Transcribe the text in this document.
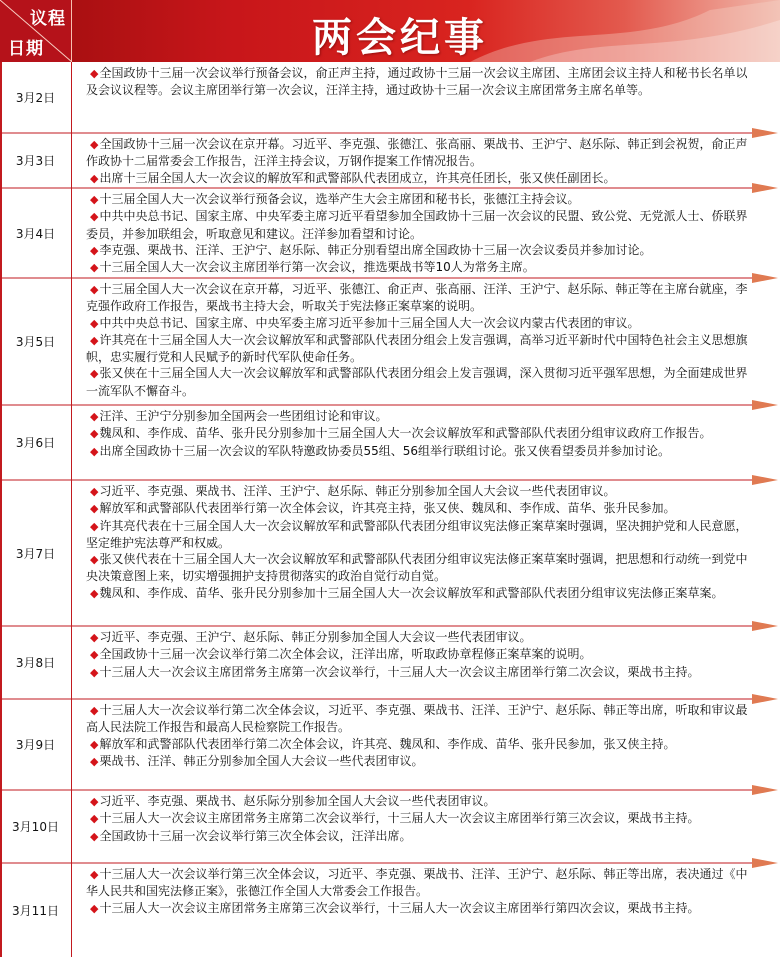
议程
日期	两会纪事
3月2日
◆ 全国政协十三届一次会议举行预备会议，俞正声主持，通过政协十三届一次会议主席团、主席团会议主持人和秘书长名单以及会议议程等。会议主席团举行第一次会议，汪洋主持，通过政协十三届一次会议主席团常务主席名单等。
3月3日
◆ 全国政协十三届一次会议在京开幕。习近平、李克强、张德江、张高丽、栗战书、王沪宁、赵乐际、韩正到会祝贺，俞正声作政协十二届常委会工作报告，汪洋主持会议，万钢作提案工作情况报告。
◆ 出席十三届全国人大一次会议的解放军和武警部队代表团成立，许其亮任团长，张又侠任副团长。
3月4日
◆ 十三届全国人大一次会议举行预备会议，选举产生大会主席团和秘书长，张德江主持会议。
◆ 中共中央总书记、国家主席、中央军委主席习近平看望参加全国政协十三届一次会议的民盟、致公党、无党派人士、侨联界委员，并参加联组会，听取意见和建议。汪洋参加看望和讨论。
◆ 李克强、栗战书、汪洋、王沪宁、赵乐际、韩正分别看望出席全国政协十三届一次会议委员并参加讨论。
◆ 十三届全国人大一次会议主席团举行第一次会议，推选栗战书等10人为常务主席。
3月5日
◆ 十三届全国人大一次会议在京开幕，习近平、张德江、俞正声、张高丽、汪洋、王沪宁、赵乐际、韩正等在主席台就座，李克强作政府工作报告，栗战书主持大会，听取关于宪法修正案草案的说明。
◆ 中共中央总书记、国家主席、中央军委主席习近平参加十三届全国人大一次会议内蒙古代表团的审议。
◆ 许其亮在十三届全国人大一次会议解放军和武警部队代表团分组会上发言强调，高举习近平新时代中国特色社会主义思想旗帜，忠实履行党和人民赋予的新时代军队使命任务。
◆ 张又侠在十三届全国人大一次会议解放军和武警部队代表团分组会上发言强调，深入贯彻习近平强军思想，为全面建成世界一流军队不懈奋斗。
3月6日
◆ 汪洋、王沪宁分别参加全国两会一些团组讨论和审议。
◆ 魏凤和、李作成、苗华、张升民分别参加十三届全国人大一次会议解放军和武警部队代表团分组审议政府工作报告。
◆ 出席全国政协十三届一次会议的军队特邀政协委员55组、56组举行联组讨论。张又侠看望委员并参加讨论。
3月7日
◆ 习近平、李克强、栗战书、汪洋、王沪宁、赵乐际、韩正分别参加全国人大会议一些代表团审议。
◆ 解放军和武警部队代表团举行第一次全体会议，许其亮主持，张又侠、魏凤和、李作成、苗华、张升民参加。
◆ 许其亮代表在十三届全国人大一次会议解放军和武警部队代表团分组审议宪法修正案草案时强调，坚决拥护党和人民意愿，坚定维护宪法尊严和权威。
◆ 张又侠代表在十三届全国人大一次会议解放军和武警部队代表团分组审议宪法修正案草案时强调，把思想和行动统一到党中央决策意图上来，切实增强拥护支持贯彻落实的政治自觉行动自觉。
◆ 魏凤和、李作成、苗华、张升民分别参加十三届全国人大一次会议解放军和武警部队代表团分组审议宪法修正案草案。
3月8日
◆ 习近平、李克强、王沪宁、赵乐际、韩正分别参加全国人大会议一些代表团审议。
◆ 全国政协十三届一次会议举行第二次全体会议，汪洋出席，听取政协章程修正案草案的说明。
◆ 十三届人大一次会议主席团常务主席第一次会议举行，十三届人大一次会议主席团举行第二次会议，栗战书主持。
3月9日
◆ 十三届人大一次会议举行第二次全体会议，习近平、李克强、栗战书、汪洋、王沪宁、赵乐际、韩正等出席，听取和审议最高人民法院工作报告和最高人民检察院工作报告。
◆ 解放军和武警部队代表团举行第二次全体会议，许其亮、魏凤和、李作成、苗华、张升民参加，张又侠主持。
◆ 栗战书、汪洋、韩正分别参加全国人大会议一些代表团审议。
3月10日
◆ 习近平、李克强、栗战书、赵乐际分别参加全国人大会议一些代表团审议。
◆ 十三届人大一次会议主席团常务主席第二次会议举行，十三届人大一次会议主席团举行第三次会议，栗战书主持。
◆ 全国政协十三届一次会议举行第三次全体会议，汪洋出席。
3月11日
◆ 十三届人大一次会议举行第三次全体会议，习近平、李克强、栗战书、汪洋、王沪宁、赵乐际、韩正等出席，表决通过《中华人民共和国宪法修正案》，张德江作全国人大常委会工作报告。
◆ 十三届人大一次会议主席团常务主席第三次会议举行，十三届人大一次会议主席团举行第四次会议，栗战书主持。
